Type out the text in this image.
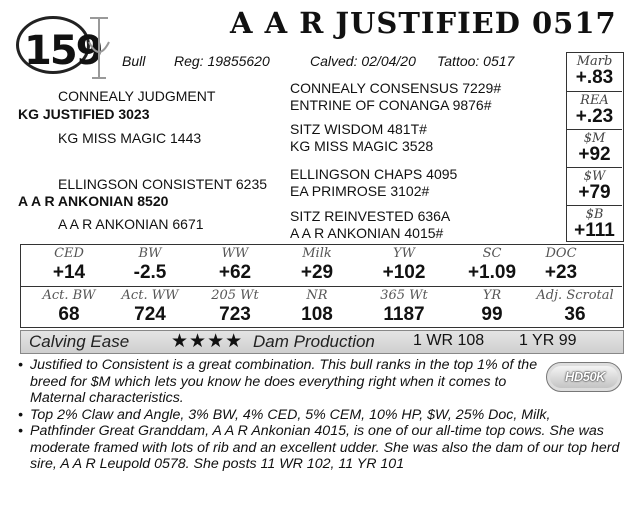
159
A A R JUSTIFIED 0517
Bull Reg: 19855620	Calved: 02/04/20 Tattoo: 0517
CONNEALY JUDGMENT
KG JUSTIFIED 3023
KG MISS MAGIC 1443
CONNEALY CONSENSUS 7229#
ENTRINE OF CONANGA 9876#
SITZ WISDOM 481T#
KG MISS MAGIC 3528
ELLINGSON CONSISTENT 6235
A A R ANKONIAN 8520
A A R ANKONIAN 6671
ELLINGSON CHAPS 4095
EA PRIMROSE 3102#
SITZ REINVESTED 636A
A A R ANKONIAN 4015#
Marb
+.83
REA
+.23
$M
+92
$W
+79
$B
+111
CED
+14
BW
-2.5
WW
+62
Milk
+29
YW
+102
SC
+1.09
DOC
+23
Act. BW
68
Act. WW
724
205 Wt
723
NR
108
365 Wt
1187
YR
99
Adj. Scrotal
36
Calving Ease ★★★★ Dam Production 1 WR 108 1 YR 99
HD50K
• Justified to Consistent is a great combination. This bull ranks in the top 1% of the breed for $M which lets you know he does everything right when it comes to Maternal characteristics.
• Top 2% Claw and Angle, 3% BW, 4% CED, 5% CEM, 10% HP, $W, 25% Doc, Milk,
• Pathfinder Great Granddam, A A R Ankonian 4015, is one of our all-time top cows. She was moderate framed with lots of rib and an excellent udder. She was also the dam of our top herd sire, A A R Leupold 0578. She posts 11 WR 102, 11 YR 101
